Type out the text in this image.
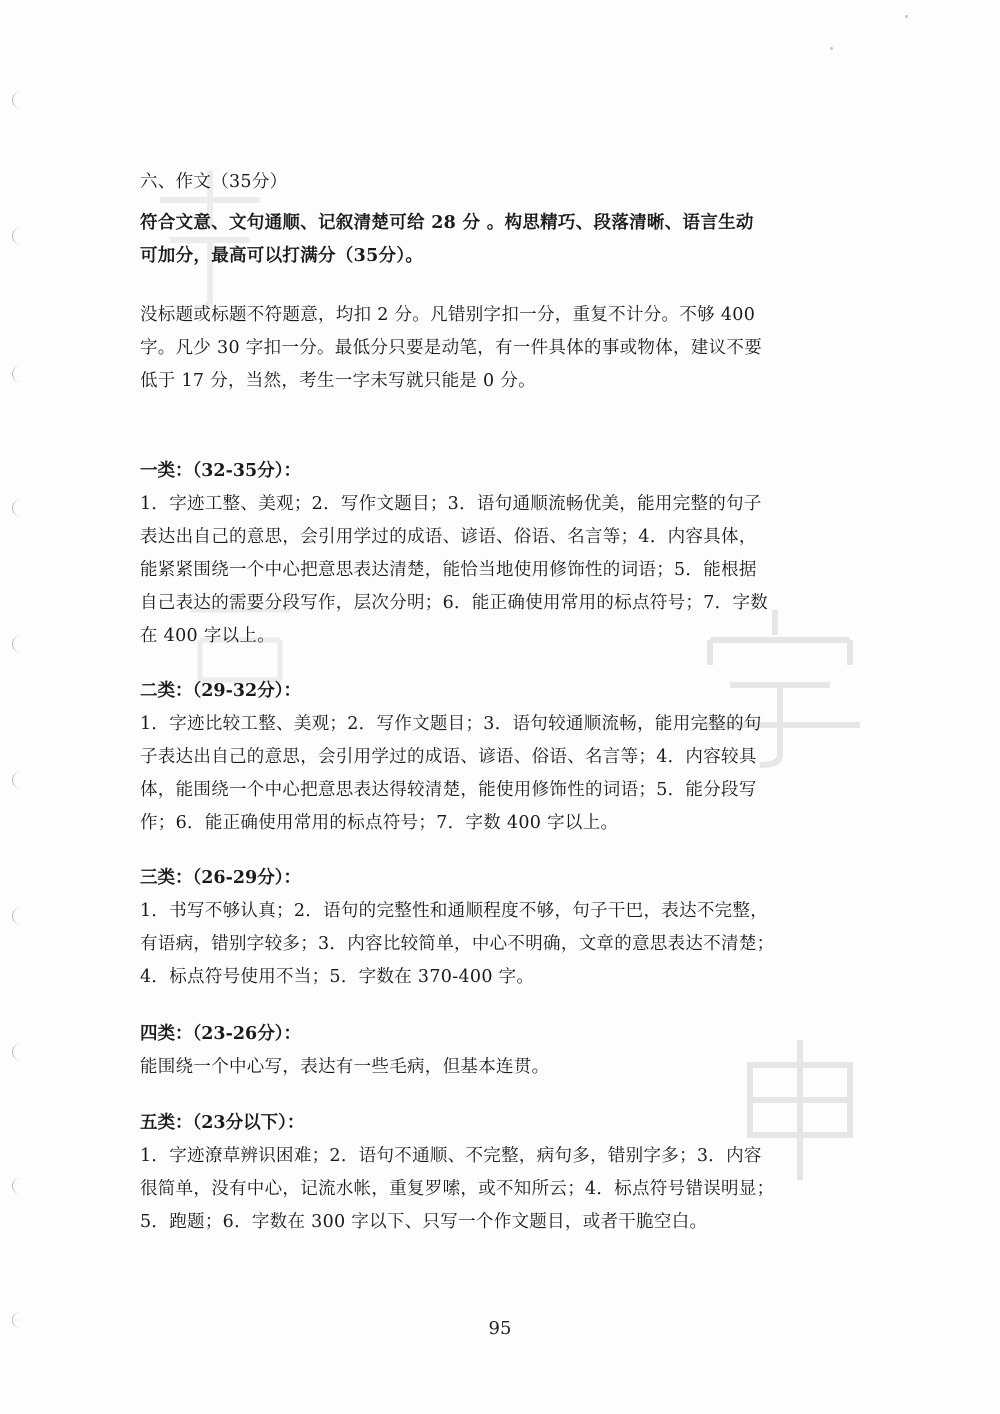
六、作文（35分）
符合文意、文句通顺、记叙清楚可给 28 分 。构思精巧、段落清晰、语言生动
可加分，最高可以打满分（35分）。
没标题或标题不符题意，均扣 2 分。凡错别字扣一分，重复不计分。不够 400
字。凡少 30 字扣一分。最低分只要是动笔，有一件具体的事或物体，建议不要
低于 17 分，当然，考生一字未写就只能是 0 分。
一类：（32-35分）：
1．字迹工整、美观；2．写作文题目；3．语句通顺流畅优美，能用完整的句子
表达出自己的意思，会引用学过的成语、谚语、俗语、名言等；4．内容具体，
能紧紧围绕一个中心把意思表达清楚，能恰当地使用修饰性的词语；5．能根据
自己表达的需要分段写作，层次分明；6．能正确使用常用的标点符号；7．字数
在 400 字以上。
二类：（29-32分）：
1．字迹比较工整、美观；2．写作文题目；3．语句较通顺流畅，能用完整的句
子表达出自己的意思，会引用学过的成语、谚语、俗语、名言等；4．内容较具
体，能围绕一个中心把意思表达得较清楚，能使用修饰性的词语；5．能分段写
作；6．能正确使用常用的标点符号；7．字数 400 字以上。
三类：（26-29分）：
1．书写不够认真；2．语句的完整性和通顺程度不够，句子干巴，表达不完整，
有语病，错别字较多；3．内容比较简单，中心不明确，文章的意思表达不清楚；
4．标点符号使用不当；5．字数在 370-400 字。
四类：（23-26分）：
能围绕一个中心写，表达有一些毛病，但基本连贯。
五类：（23分以下）：
1．字迹潦草辨识困难；2．语句不通顺、不完整，病句多，错别字多；3．内容
很简单，没有中心，记流水帐，重复罗嗦，或不知所云；4．标点符号错误明显；
5．跑题；6．字数在 300 字以下、只写一个作文题目，或者干脆空白。
95
